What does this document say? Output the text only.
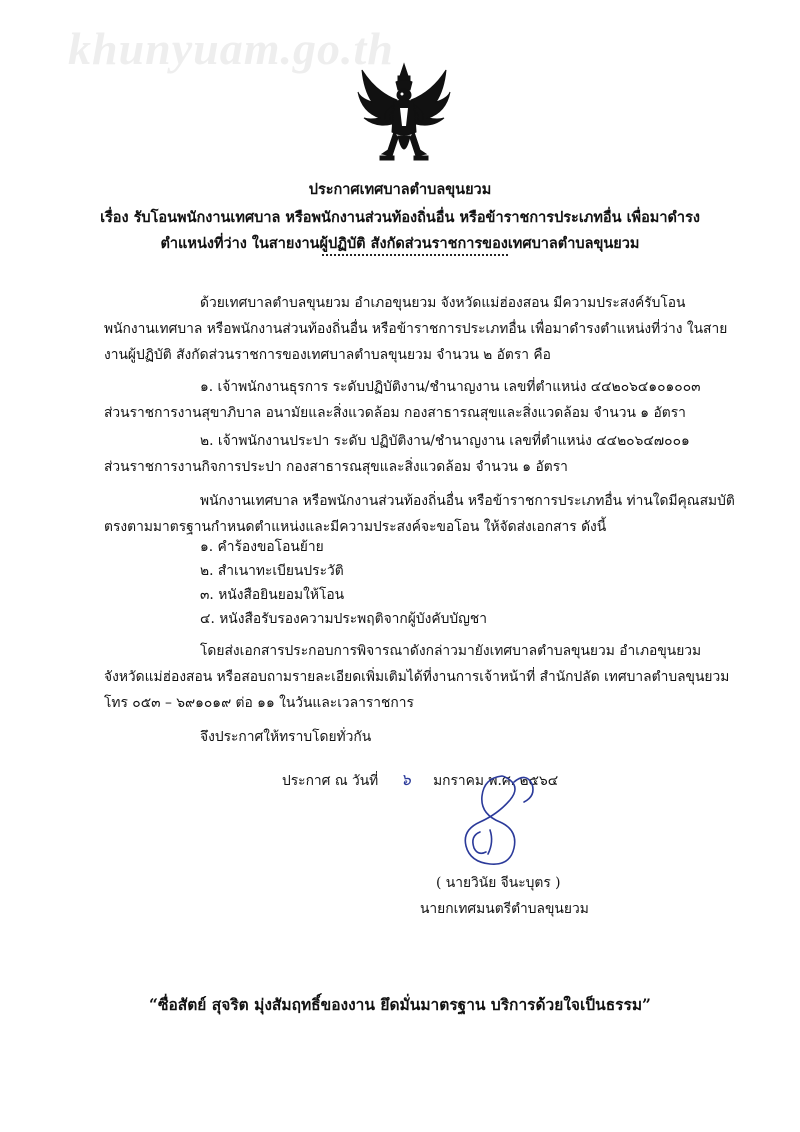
khunyuam.go.th
ประกาศเทศบาลตำบลขุนยวม
เรื่อง รับโอนพนักงานเทศบาล หรือพนักงานส่วนท้องถิ่นอื่น หรือข้าราชการประเภทอื่น เพื่อมาดำรง
ตำแหน่งที่ว่าง ในสายงานผู้ปฏิบัติ สังกัดส่วนราชการของเทศบาลตำบลขุนยวม
ด้วยเทศบาลตำบลขุนยวม อำเภอขุนยวม จังหวัดแม่ฮ่องสอน มีความประสงค์รับโอน
พนักงานเทศบาล หรือพนักงานส่วนท้องถิ่นอื่น หรือข้าราชการประเภทอื่น เพื่อมาดำรงตำแหน่งที่ว่าง ในสาย
งานผู้ปฏิบัติ สังกัดส่วนราชการของเทศบาลตำบลขุนยวม จำนวน ๒ อัตรา คือ
๑. เจ้าพนักงานธุรการ ระดับปฏิบัติงาน/ชำนาญงาน เลขที่ตำแหน่ง ๔๔๒๐๖๔๑๐๑๐๐๓
ส่วนราชการงานสุขาภิบาล อนามัยและสิ่งแวดล้อม กองสาธารณสุขและสิ่งแวดล้อม จำนวน ๑ อัตรา
๒. เจ้าพนักงานประปา ระดับ ปฏิบัติงาน/ชำนาญงาน เลขที่ตำแหน่ง ๔๔๒๐๖๔๗๐๐๑
ส่วนราชการงานกิจการประปา กองสาธารณสุขและสิ่งแวดล้อม จำนวน ๑ อัตรา
พนักงานเทศบาล หรือพนักงานส่วนท้องถิ่นอื่น หรือข้าราชการประเภทอื่น ท่านใดมีคุณสมบัติ
ตรงตามมาตรฐานกำหนดตำแหน่งและมีความประสงค์จะขอโอน ให้จัดส่งเอกสาร ดังนี้
๑. คำร้องขอโอนย้าย
๒. สำเนาทะเบียนประวัติ
๓. หนังสือยินยอมให้โอน
๔. หนังสือรับรองความประพฤติจากผู้บังคับบัญชา
โดยส่งเอกสารประกอบการพิจารณาดังกล่าวมายังเทศบาลตำบลขุนยวม อำเภอขุนยวม
จังหวัดแม่ฮ่องสอน หรือสอบถามรายละเอียดเพิ่มเติมได้ที่งานการเจ้าหน้าที่ สำนักปลัด เทศบาลตำบลขุนยวม
โทร ๐๕๓ – ๖๙๑๐๑๙ ต่อ ๑๑ ในวันและเวลาราชการ
จึงประกาศให้ทราบโดยทั่วกัน
ประกาศ ณ วันที่ ๖ มกราคม พ.ศ. ๒๕๖๔
( นายวินัย จีนะบุตร )
นายกเทศมนตรีตำบลขุนยวม
“ซื่อสัตย์ สุจริต มุ่งสัมฤทธิ์ของงาน ยึดมั่นมาตรฐาน บริการด้วยใจเป็นธรรม”
